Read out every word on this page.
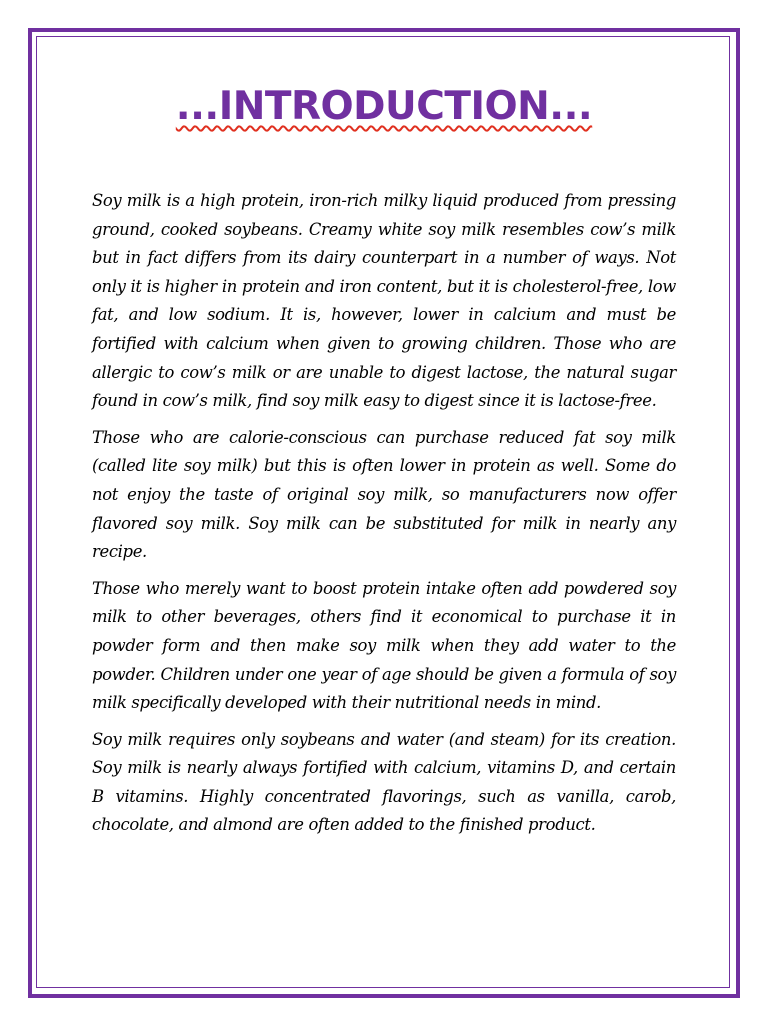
...INTRODUCTION...

Soy milk is a high protein, iron-rich milky liquid produced from pressing ground, cooked soybeans. Creamy white soy milk resembles cow’s milk but in fact differs from its dairy counterpart in a number of ways. Not only it is higher in protein and iron content, but it is cholesterol-free, low fat, and low sodium. It is, however, lower in calcium and must be fortified with calcium when given to growing children. Those who are allergic to cow’s milk or are unable to digest lactose, the natural sugar found in cow’s milk, find soy milk easy to digest since it is lactose-free.

Those who are calorie-conscious can purchase reduced fat soy milk (called lite soy milk) but this is often lower in protein as well. Some do not enjoy the taste of original soy milk, so manufacturers now offer flavored soy milk. Soy milk can be substituted for milk in nearly any recipe.

Those who merely want to boost protein intake often add powdered soy milk to other beverages, others find it economical to purchase it in powder form and then make soy milk when they add water to the powder. Children under one year of age should be given a formula of soy milk specifically developed with their nutritional needs in mind.

Soy milk requires only soybeans and water (and steam) for its creation. Soy milk is nearly always fortified with calcium, vitamins D, and certain B vitamins. Highly concentrated flavorings, such as vanilla, carob, chocolate, and almond are often added to the finished product.
